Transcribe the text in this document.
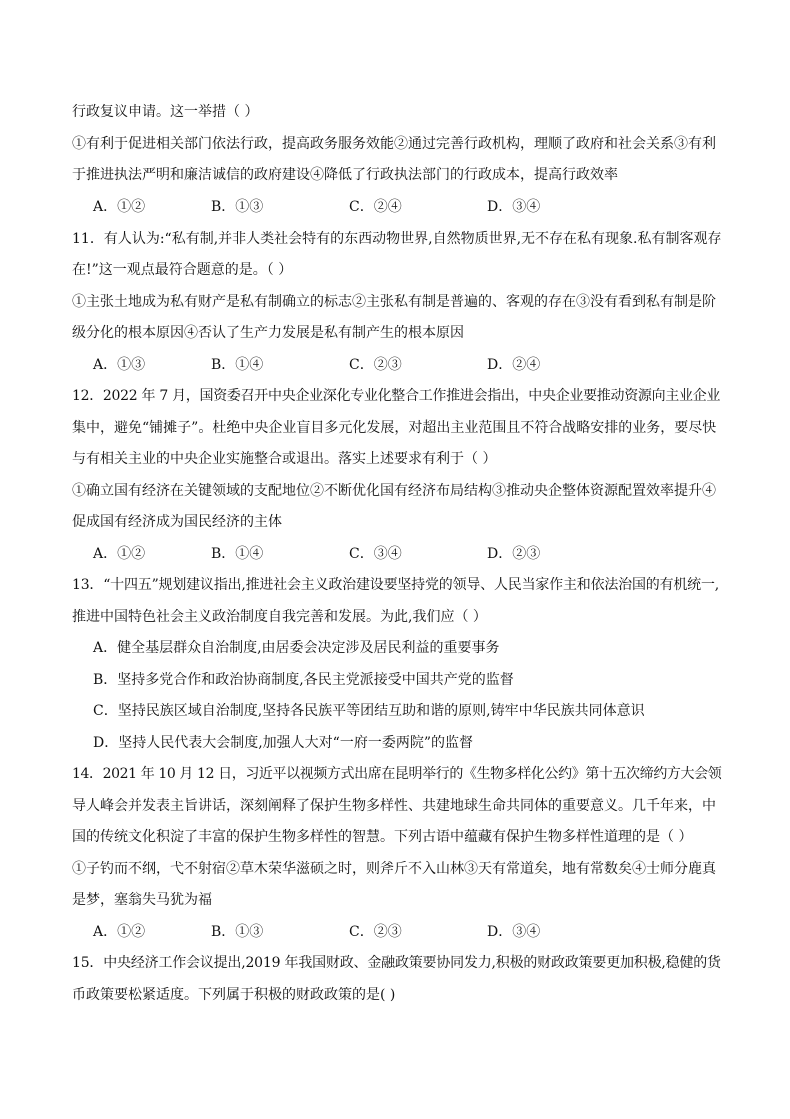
行政复议申请。这一举措（ ）
①有利于促进相关部门依法行政，提高政务服务效能②通过完善行政机构，理顺了政府和社会关系③有利
于推进执法严明和廉洁诚信的政府建设④降低了行政执法部门的行政成本，提高行政效率
A．①②	B．①③	C．②④	D．③④
11．有人认为:“私有制,并非人类社会特有的东西动物世界,自然物质世界,无不存在私有现象.私有制客观存
在!”这一观点最符合题意的是。（ ）
①主张土地成为私有财产是私有制确立的标志②主张私有制是普遍的、客观的存在③没有看到私有制是阶
级分化的根本原因④否认了生产力发展是私有制产生的根本原因
A．①③	B．①④	C．②③	D．②④
12．2022 年 7 月，国资委召开中央企业深化专业化整合工作推进会指出，中央企业要推动资源向主业企业
集中，避免“铺摊子”。杜绝中央企业盲目多元化发展，对超出主业范围且不符合战略安排的业务，要尽快
与有相关主业的中央企业实施整合或退出。落实上述要求有利于（ ）
①确立国有经济在关键领域的支配地位②不断优化国有经济布局结构③推动央企整体资源配置效率提升④
促成国有经济成为国民经济的主体
A．①②	B．①④	C．③④	D．②③
13．“十四五”规划建议指出,推进社会主义政治建设要坚持党的领导、人民当家作主和依法治国的有机统一,
推进中国特色社会主义政治制度自我完善和发展。为此,我们应（ ）
A．健全基层群众自治制度,由居委会决定涉及居民利益的重要事务
B．坚持多党合作和政治协商制度,各民主党派接受中国共产党的监督
C．坚持民族区域自治制度,坚持各民族平等团结互助和谐的原则,铸牢中华民族共同体意识
D．坚持人民代表大会制度,加强人大对“一府一委两院”的监督
14．2021 年 10 月 12 日，习近平以视频方式出席在昆明举行的《生物多样化公约》第十五次缔约方大会领
导人峰会并发表主旨讲话，深刻阐释了保护生物多样性、共建地球生命共同体的重要意义。几千年来，中
国的传统文化积淀了丰富的保护生物多样性的智慧。下列古语中蕴藏有保护生物多样性道理的是（ ）
①子钓而不纲，弋不射宿②草木荣华滋硕之时，则斧斤不入山林③天有常道矣，地有常数矣④士师分鹿真
是梦，塞翁失马犹为福
A．①②	B．①③	C．②③	D．③④
15．中央经济工作会议提出,2019 年我国财政、金融政策要协同发力,积极的财政政策要更加积极,稳健的货
币政策要松紧适度。下列属于积极的财政政策的是( )
